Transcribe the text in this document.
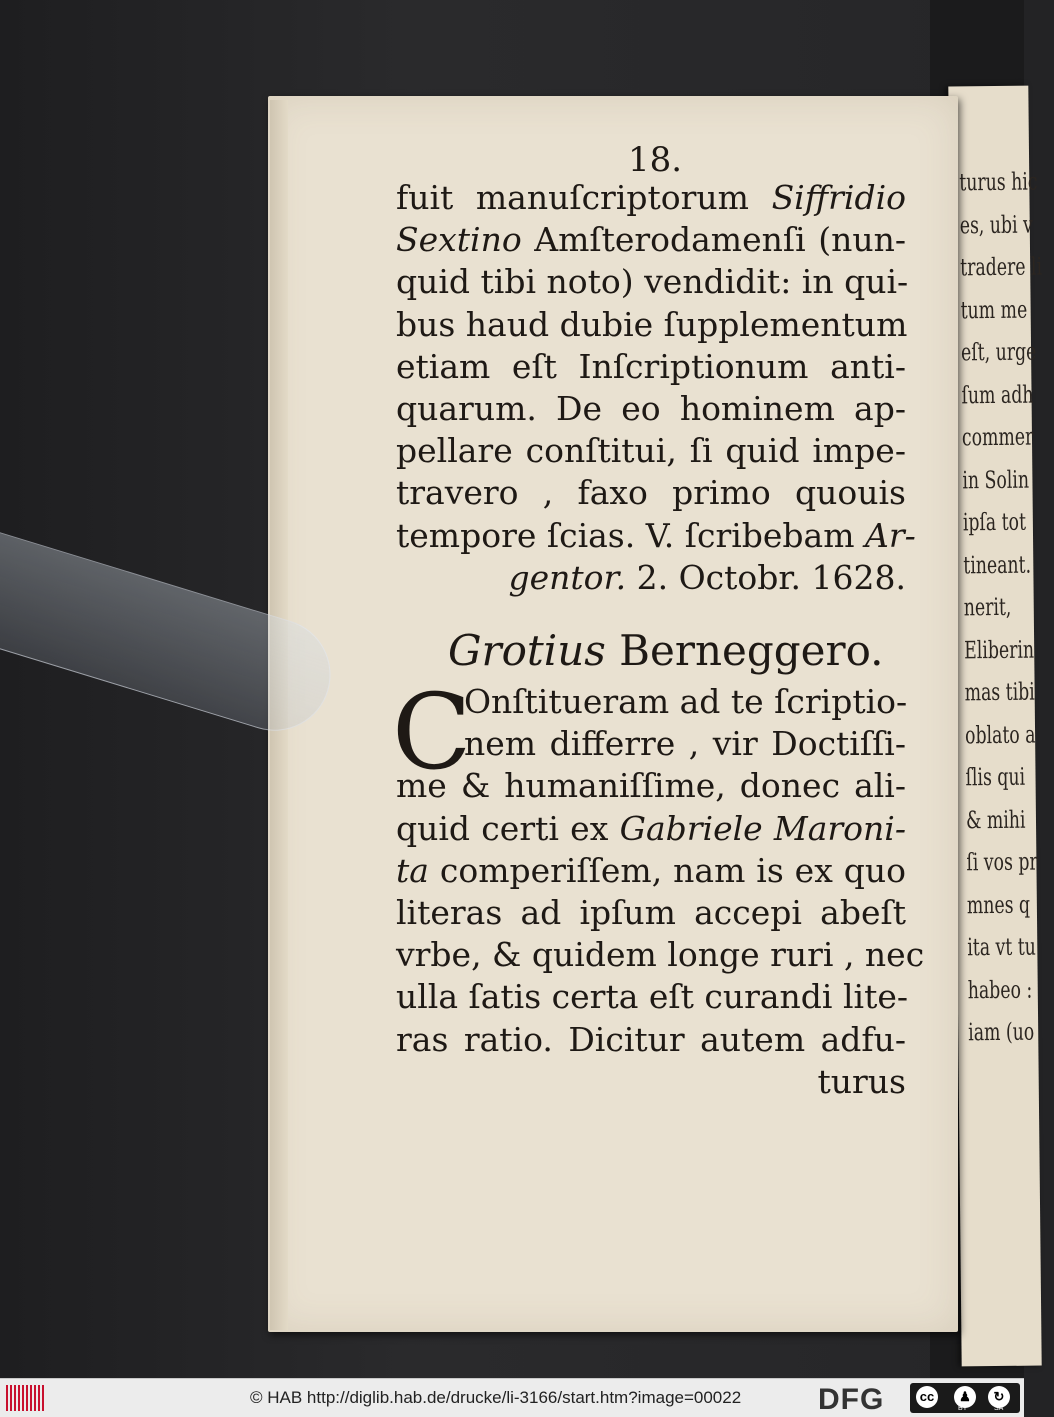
turus hic
es, ubi v
tradere li
tum me
eſt, urge
ſum adh
commer
in Solin
ipſa tot
tineant.
nerit,
Eliberin
mas tibi
oblato a
ſlis qui
& mihi
ſi vos pr
mnes q
ita vt tu
habeo :
iam (uo
18.
fuit manuſcriptorum Siffridio
Sextino Amſterodamenſi (nun-
quid tibi noto) vendidit: in qui-
bus haud dubie ſupplementum
etiam eſt Inſcriptionum anti-
quarum. De eo hominem ap-
pellare conſtitui, ſi quid impe-
travero , faxo primo quouis
tempore ſcias. V. ſcribebam Ar-
gentor. 2. Octobr. 1628.
Grotius Berneggero.
C
Onſtitueram ad te ſcriptio-
nem differre , vir Doctiſſi-
me & humaniſſime, donec ali-
quid certi ex Gabriele Maroni-
ta comperiſſem, nam is ex quo
literas ad ipſum accepi abeſt
vrbe, & quidem longe ruri , nec
ulla ſatis certa eſt curandi lite-
ras ratio. Dicitur autem adfu-
turus
© HAB http://diglib.hab.de/drucke/li-3166/start.htm?image=00022	DFG	cc	♟	↻
BY	SA
